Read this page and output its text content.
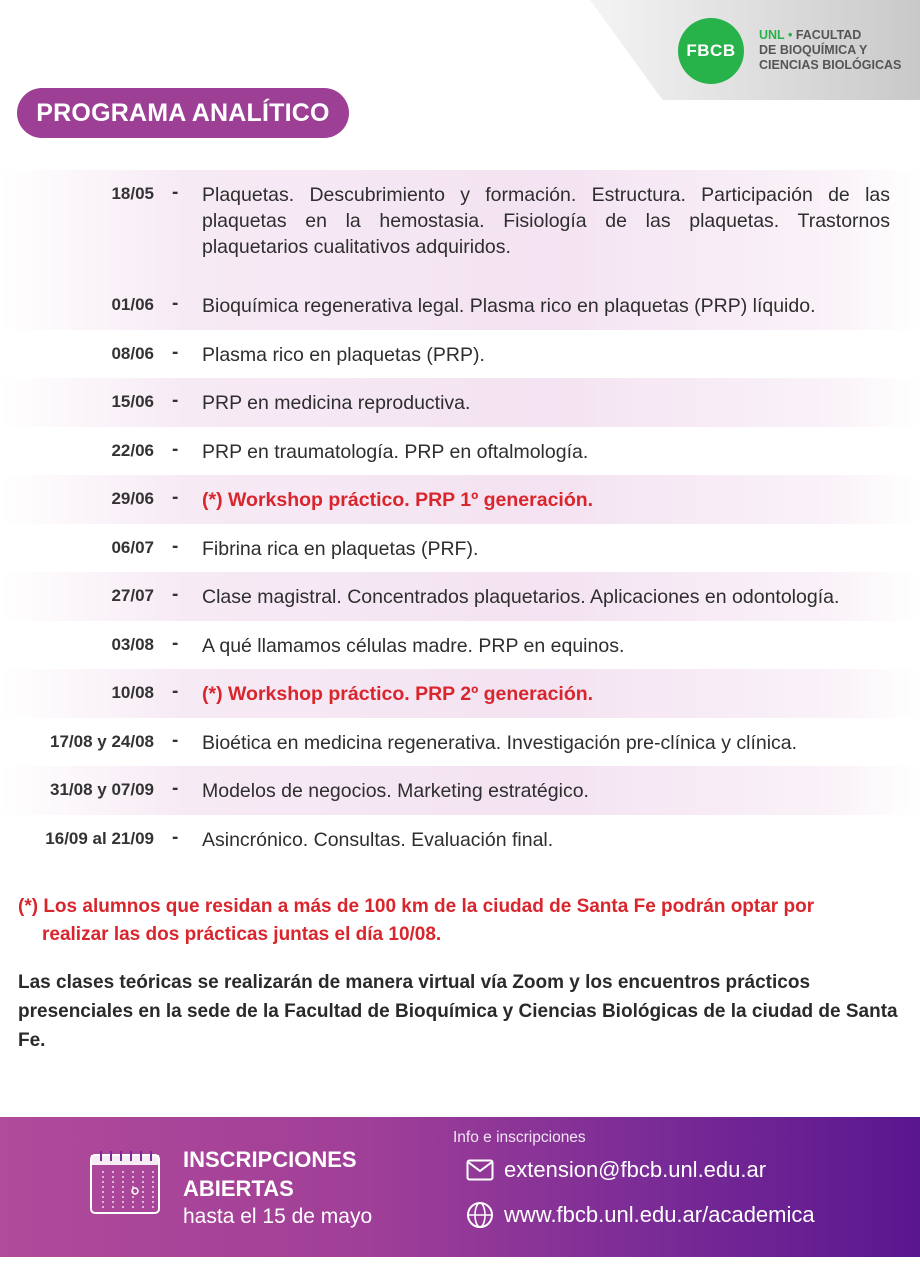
FBCB
UNL • FACULTAD
DE BIOQUÍMICA Y
CIENCIAS BIOLÓGICAS
PROGRAMA ANALÍTICO
18/05 - Plaquetas. Descubrimiento y formación. Estructura. Participación de las plaquetas en la hemostasia. Fisiología de las plaquetas. Trastornos plaquetarios cualitativos adquiridos.
01/06 - Bioquímica regenerativa legal. Plasma rico en plaquetas (PRP) líquido.
08/06 - Plasma rico en plaquetas (PRP).
15/06 - PRP en medicina reproductiva.
22/06 - PRP en traumatología. PRP en oftalmología.
29/06 - (*) Workshop práctico. PRP 1º generación.
06/07 - Fibrina rica en plaquetas (PRF).
27/07 - Clase magistral. Concentrados plaquetarios. Aplicaciones en odontología.
03/08 - A qué llamamos células madre. PRP en equinos.
10/08 - (*) Workshop práctico. PRP 2º generación.
17/08 y 24/08 - Bioética en medicina regenerativa. Investigación pre-clínica y clínica.
31/08 y 07/09 - Modelos de negocios. Marketing estratégico.
16/09 al 21/09 - Asincrónico. Consultas. Evaluación final.
(*) Los alumnos que residan a más de 100 km de la ciudad de Santa Fe podrán optar por
realizar las dos prácticas juntas el día 10/08.
Las clases teóricas se realizarán de manera virtual vía Zoom y los encuentros prácticos presenciales en la sede de la Facultad de Bioquímica y Ciencias Biológicas de la ciudad de Santa Fe.
INSCRIPCIONES
ABIERTAS
hasta el 15 de mayo
Info e inscripciones
extension@fbcb.unl.edu.ar
www.fbcb.unl.edu.ar/academica
